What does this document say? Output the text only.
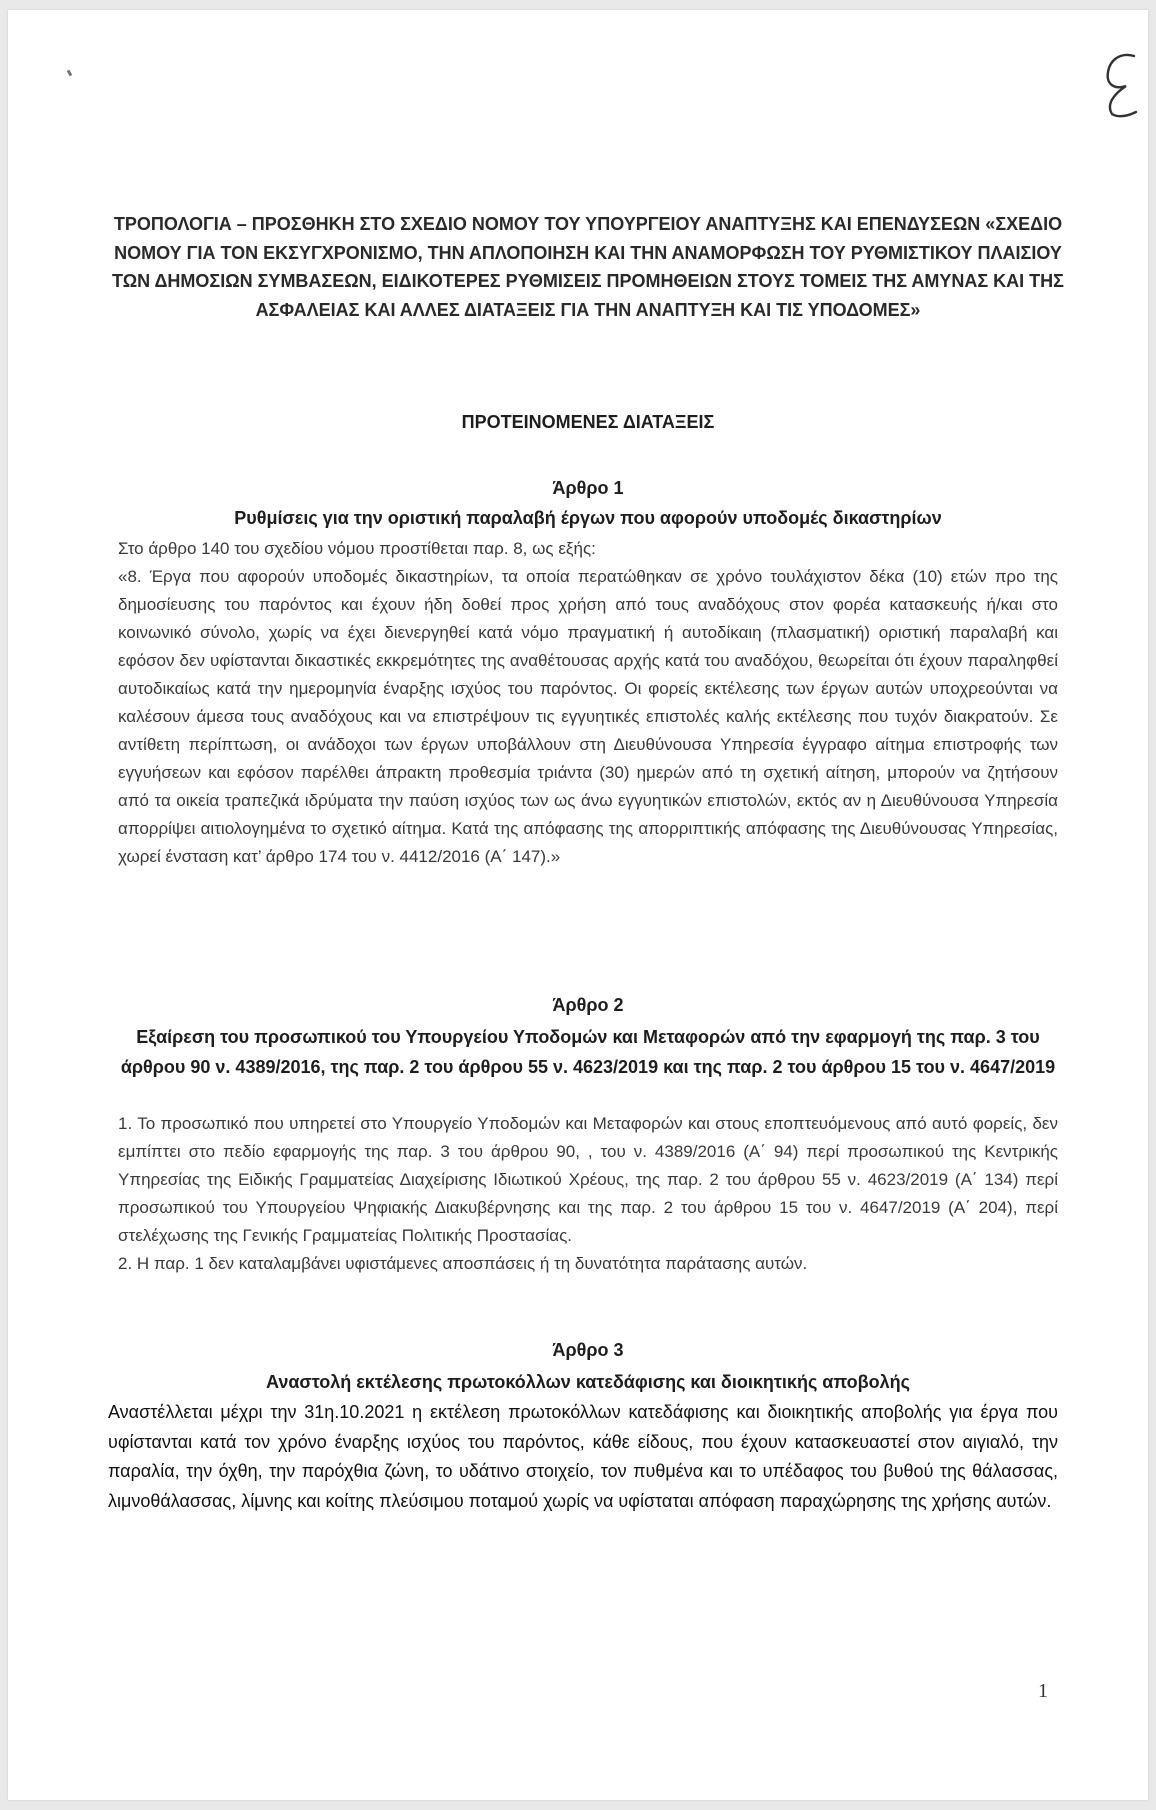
ΤΡΟΠΟΛΟΓΙΑ – ΠΡΟΣΘΗΚΗ ΣΤΟ ΣΧΕΔΙΟ ΝΟΜΟΥ ΤΟΥ ΥΠΟΥΡΓΕΙΟΥ ΑΝΑΠΤΥΞΗΣ ΚΑΙ ΕΠΕΝΔΥΣΕΩΝ «ΣΧΕΔΙΟ ΝΟΜΟΥ ΓΙΑ ΤΟΝ ΕΚΣΥΓΧΡΟΝΙΣΜΟ, ΤΗΝ ΑΠΛΟΠΟΙΗΣΗ ΚΑΙ ΤΗΝ ΑΝΑΜΟΡΦΩΣΗ ΤΟΥ ΡΥΘΜΙΣΤΙΚΟΥ ΠΛΑΙΣΙΟΥ ΤΩΝ ΔΗΜΟΣΙΩΝ ΣΥΜΒΑΣΕΩΝ, ΕΙΔΙΚΟΤΕΡΕΣ ΡΥΘΜΙΣΕΙΣ ΠΡΟΜΗΘΕΙΩΝ ΣΤΟΥΣ ΤΟΜΕΙΣ ΤΗΣ ΑΜΥΝΑΣ ΚΑΙ ΤΗΣ ΑΣΦΑΛΕΙΑΣ ΚΑΙ ΑΛΛΕΣ ΔΙΑΤΑΞΕΙΣ ΓΙΑ ΤΗΝ ΑΝΑΠΤΥΞΗ ΚΑΙ ΤΙΣ ΥΠΟΔΟΜΕΣ»
ΠΡΟΤΕΙΝΟΜΕΝΕΣ ΔΙΑΤΑΞΕΙΣ
Άρθρο 1
Ρυθμίσεις για την οριστική παραλαβή έργων που αφορούν υποδομές δικαστηρίων

Στο άρθρο 140 του σχεδίου νόμου προστίθεται παρ. 8, ως εξής:

«8. Έργα που αφορούν υποδομές δικαστηρίων, τα οποία περατώθηκαν σε χρόνο τουλάχιστον δέκα (10) ετών προ της δημοσίευσης του παρόντος και έχουν ήδη δοθεί προς χρήση από τους αναδόχους στον φορέα κατασκευής ή/και στο κοινωνικό σύνολο, χωρίς να έχει διενεργηθεί κατά νόμο πραγματική ή αυτοδίκαιη (πλασματική) οριστική παραλαβή και εφόσον δεν υφίστανται δικαστικές εκκρεμότητες της αναθέτουσας αρχής κατά του αναδόχου, θεωρείται ότι έχουν παραληφθεί αυτοδικαίως κατά την ημερομηνία έναρξης ισχύος του παρόντος. Οι φορείς εκτέλεσης των έργων αυτών υποχρεούνται να καλέσουν άμεσα τους αναδόχους και να επιστρέψουν τις εγγυητικές επιστολές καλής εκτέλεσης που τυχόν διακρατούν. Σε αντίθετη περίπτωση, οι ανάδοχοι των έργων υποβάλλουν στη Διευθύνουσα Υπηρεσία έγγραφο αίτημα επιστροφής των εγγυήσεων και εφόσον παρέλθει άπρακτη προθεσμία τριάντα (30) ημερών από τη σχετική αίτηση, μπορούν να ζητήσουν από τα οικεία τραπεζικά ιδρύματα την παύση ισχύος των ως άνω εγγυητικών επιστολών, εκτός αν η Διευθύνουσα Υπηρεσία απορρίψει αιτιολογημένα το σχετικό αίτημα. Κατά της απόφασης της απορριπτικής απόφασης της Διευθύνουσας Υπηρεσίας, χωρεί ένσταση κατ’ άρθρο 174 του ν. 4412/2016 (Α΄ 147).»

Άρθρο 2
Εξαίρεση του προσωπικού του Υπουργείου Υποδομών και Μεταφορών από την εφαρμογή της παρ. 3 του άρθρου 90 ν. 4389/2016, της παρ. 2 του άρθρου 55 ν. 4623/2019 και της παρ. 2 του άρθρου 15 του ν. 4647/2019

1. Το προσωπικό που υπηρετεί στο Υπουργείο Υποδομών και Μεταφορών και στους εποπτευόμενους από αυτό φορείς, δεν εμπίπτει στο πεδίο εφαρμογής της παρ. 3 του άρθρου 90, , του ν. 4389/2016 (Α΄ 94) περί προσωπικού της Κεντρικής Υπηρεσίας της Ειδικής Γραμματείας Διαχείρισης Ιδιωτικού Χρέους, της παρ. 2 του άρθρου 55 ν. 4623/2019 (Α΄ 134) περί προσωπικού του Υπουργείου Ψηφιακής Διακυβέρνησης και της παρ. 2 του άρθρου 15 του ν. 4647/2019 (Α΄ 204), περί στελέχωσης της Γενικής Γραμματείας Πολιτικής Προστασίας.

2. Η παρ. 1 δεν καταλαμβάνει υφιστάμενες αποσπάσεις ή τη δυνατότητα παράτασης αυτών.

Άρθρο 3
Αναστολή εκτέλεσης πρωτοκόλλων κατεδάφισης και διοικητικής αποβολής

Αναστέλλεται μέχρι την 31η.10.2021 η εκτέλεση πρωτοκόλλων κατεδάφισης και διοικητικής αποβολής για έργα που υφίστανται κατά τον χρόνο έναρξης ισχύος του παρόντος, κάθε είδους, που έχουν κατασκευαστεί στον αιγιαλό, την παραλία, την όχθη, την παρόχθια ζώνη, το υδάτινο στοιχείο, τον πυθμένα και το υπέδαφος του βυθού της θάλασσας, λιμνοθάλασσας, λίμνης και κοίτης πλεύσιμου ποταμού χωρίς να υφίσταται απόφαση παραχώρησης της χρήσης αυτών.

1
